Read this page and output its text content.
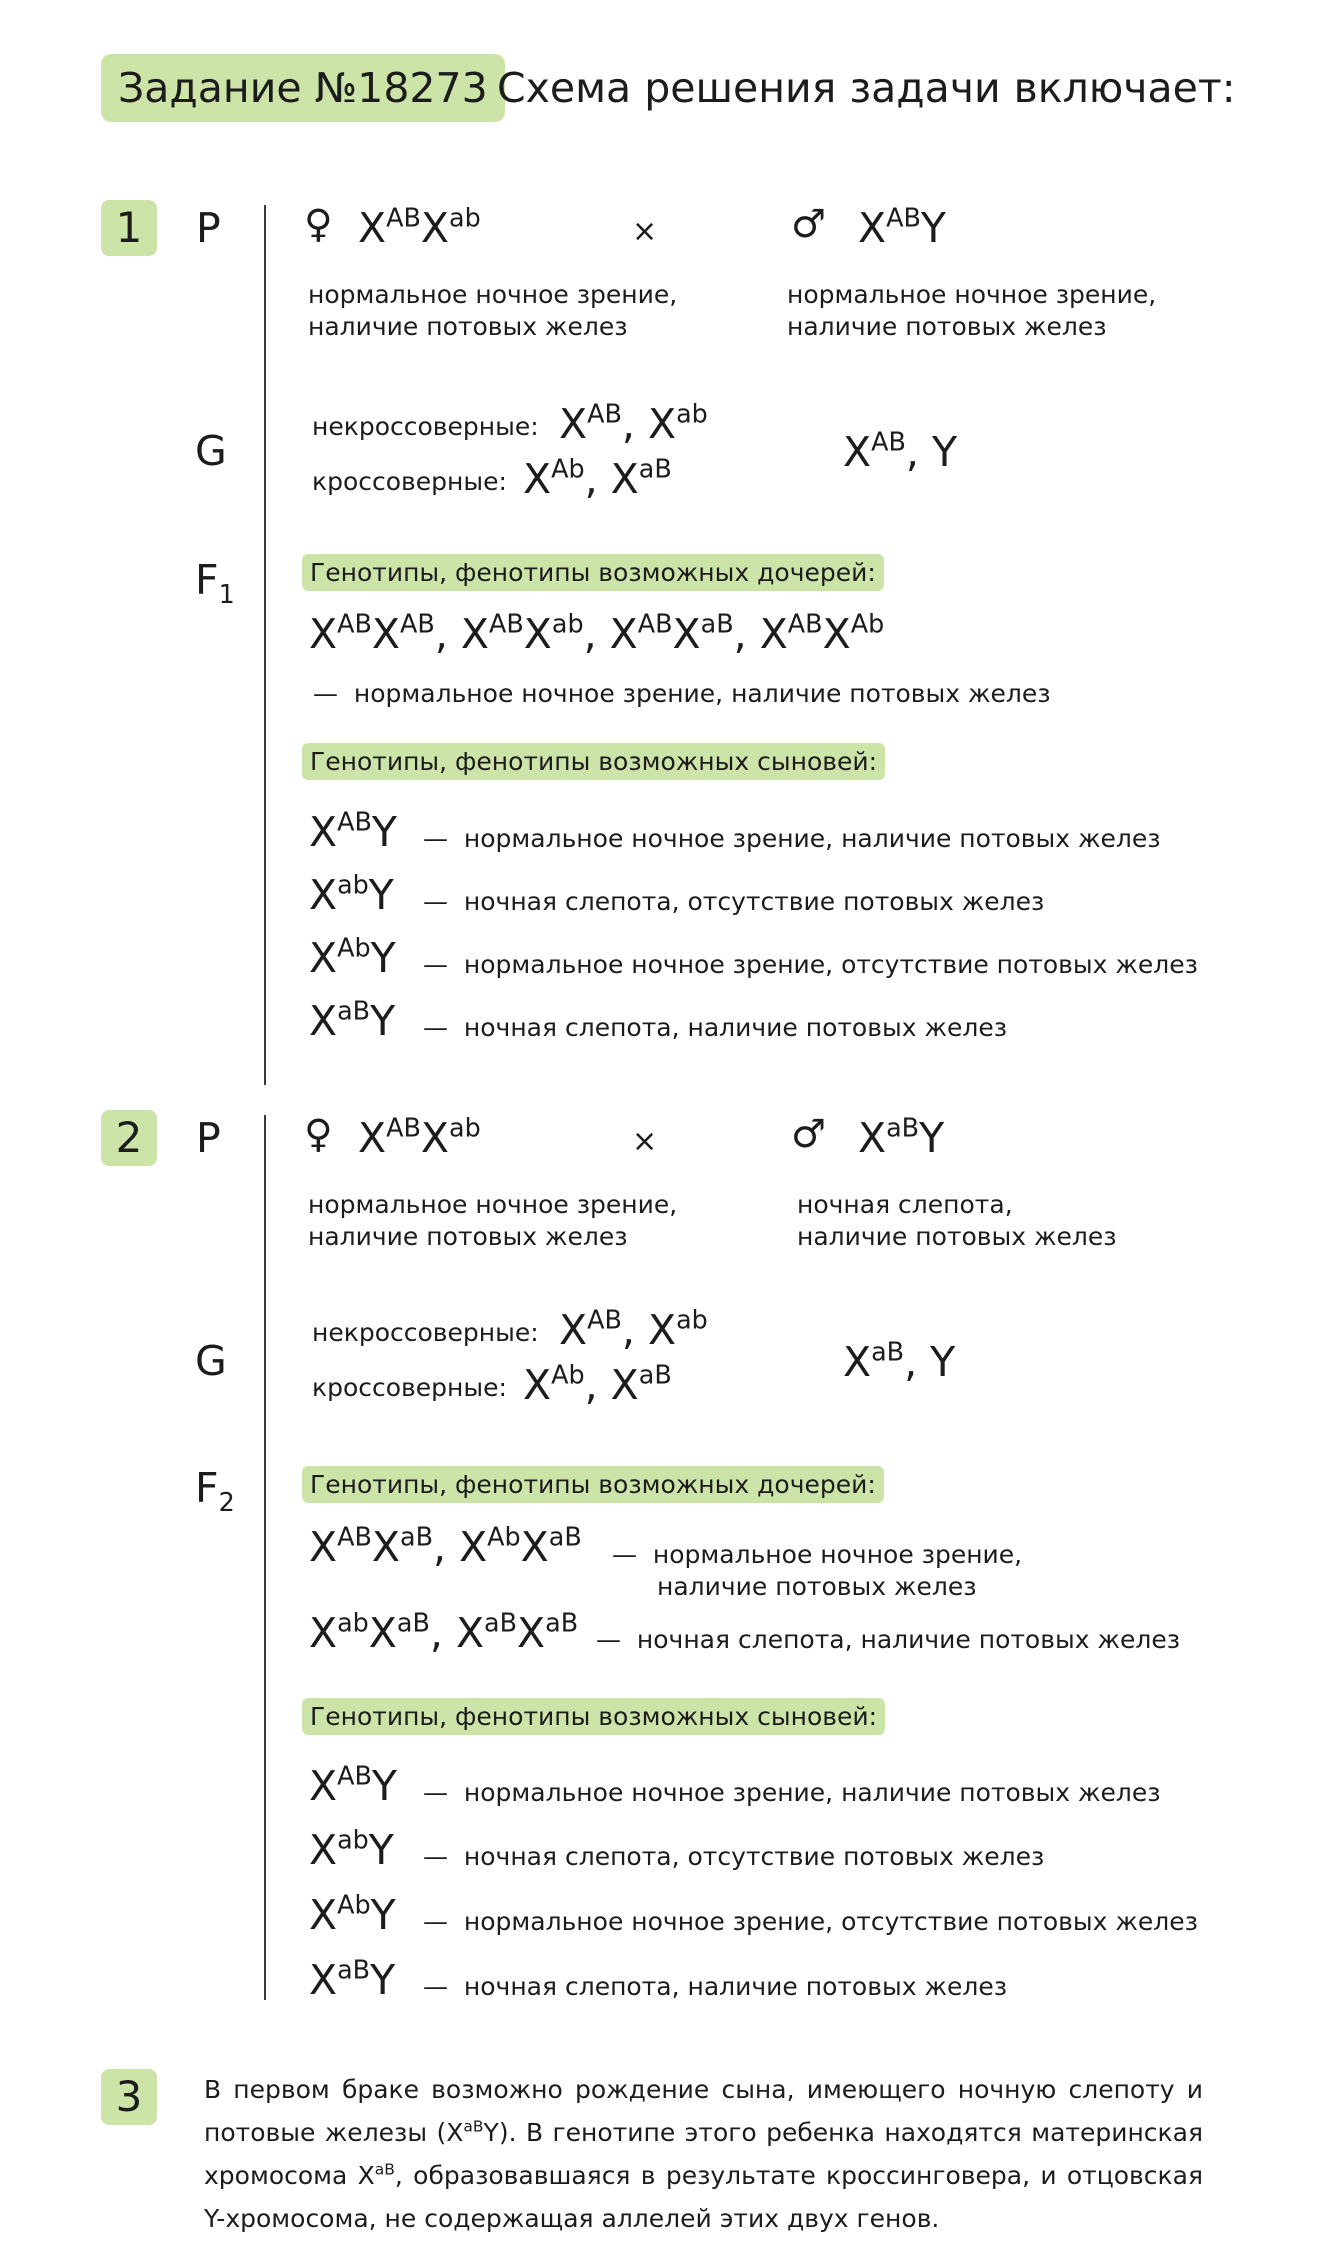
Задание №18273 Схема решения задачи включает:
1	P ♀ $X^{AB}X^{ab}$	×	♂ $X^{AB}Y$
нормальное ночное зрение,
наличие потовых желез
нормальное ночное зрение,
наличие потовых желез
G
некроссоверные: $X^{AB}$, $X^{ab}$
кроссоверные: $X^{Ab}$, $X^{aB}$	$X^{AB}$, Y
$F_1$
Генотипы, фенотипы возможных дочерей:
$X^{AB}X^{AB}$, $X^{AB}X^{ab}$, $X^{AB}X^{aB}$, $X^{AB}X^{Ab}$
— нормальное ночное зрение, наличие потовых желез
Генотипы, фенотипы возможных сыновей:
$X^{AB}Y$ — нормальное ночное зрение, наличие потовых желез
$X^{ab}Y$ — ночная слепота, отсутствие потовых желез
$X^{Ab}Y$ — нормальное ночное зрение, отсутствие потовых желез
$X^{aB}Y$ — ночная слепота, наличие потовых желез
2	P ♀ $X^{AB}X^{ab}$	×	♂ $X^{aB}Y$
нормальное ночное зрение,
наличие потовых желез
ночная слепота,
наличие потовых желез
G
некроссоверные: $X^{AB}$, $X^{ab}$
кроссоверные: $X^{Ab}$, $X^{aB}$	$X^{aB}$, Y
$F_2$
Генотипы, фенотипы возможных дочерей:
$X^{AB}X^{aB}$, $X^{Ab}X^{aB}$
— нормальное ночное зрение,
наличие потовых желез
$X^{ab}X^{aB}$, $X^{aB}X^{aB}$
— ночная слепота, наличие потовых желез
Генотипы, фенотипы возможных сыновей:
$X^{AB}Y$ — нормальное ночное зрение, наличие потовых желез
$X^{ab}Y$ — ночная слепота, отсутствие потовых желез
$X^{Ab}Y$ — нормальное ночное зрение, отсутствие потовых желез
$X^{aB}Y$ — ночная слепота, наличие потовых желез
3	В первом браке возможно рождение сына, имеющего ночную слепоту и потовые железы $(X^{aB}Y)$. В генотипе этого ребенка находятся материнская хромосома $X^{aB}$, образовавшаяся в результате кроссинговера, и отцовская Y-хромосома, не содержащая аллелей этих двух генов.
